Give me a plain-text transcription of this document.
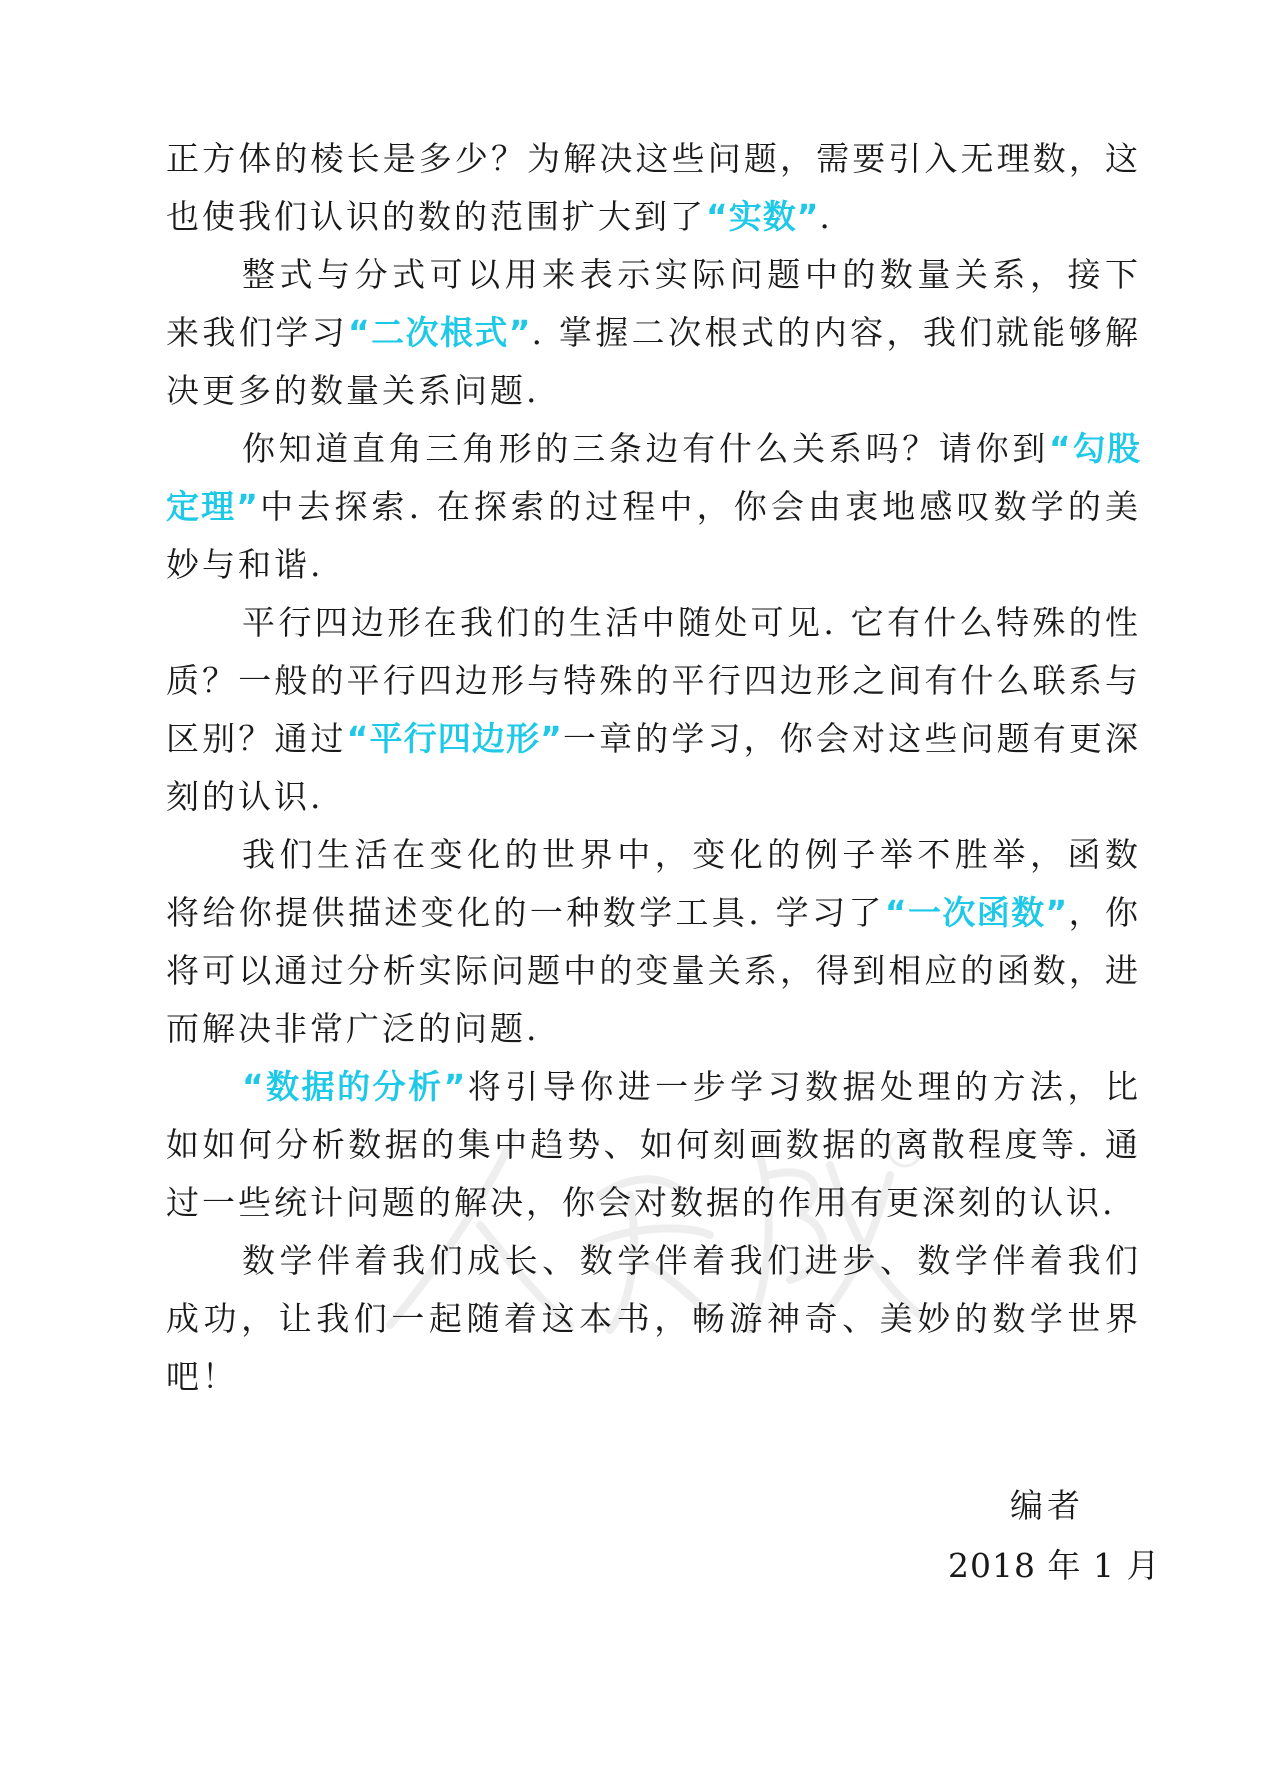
正方体的棱长是多少？为解决这些问题，需要引入无理数，这也使我们认识的数的范围扩大到了“实数”.

整式与分式可以用来表示实际问题中的数量关系，接下来我们学习“二次根式”. 掌握二次根式的内容，我们就能够解决更多的数量关系问题.

你知道直角三角形的三条边有什么关系吗？请你到“勾股定理”中去探索. 在探索的过程中，你会由衷地感叹数学的美妙与和谐.

平行四边形在我们的生活中随处可见. 它有什么特殊的性质？一般的平行四边形与特殊的平行四边形之间有什么联系与区别？通过“平行四边形”一章的学习，你会对这些问题有更深刻的认识.

我们生活在变化的世界中，变化的例子举不胜举，函数将给你提供描述变化的一种数学工具. 学习了“一次函数”，你将可以通过分析实际问题中的变量关系，得到相应的函数，进而解决非常广泛的问题.

“数据的分析”将引导你进一步学习数据处理的方法，比如如何分析数据的集中趋势、如何刻画数据的离散程度等. 通过一些统计问题的解决，你会对数据的作用有更深刻的认识.

数学伴着我们成长、数学伴着我们进步、数学伴着我们成功，让我们一起随着这本书，畅游神奇、美妙的数学世界吧！

编者
2018 年 1 月
